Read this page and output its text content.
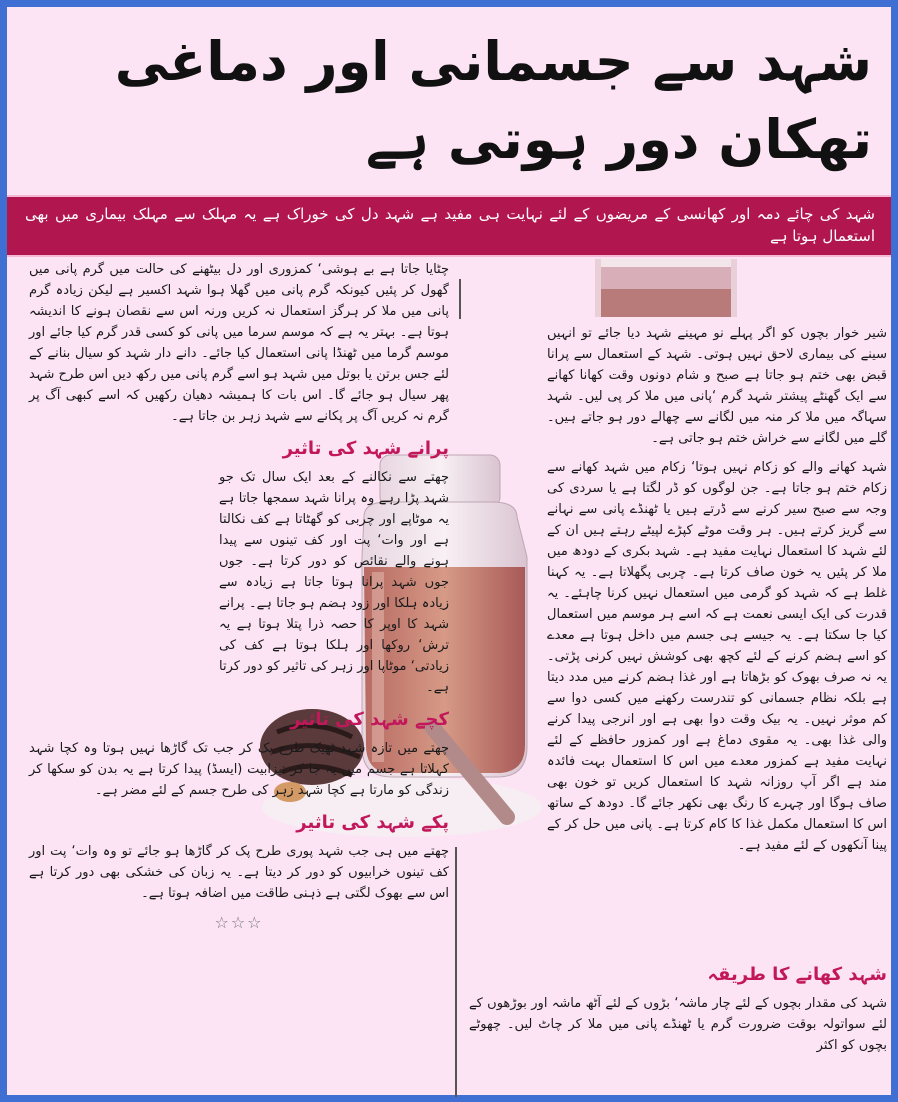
شہد سے جسمانی اور دماغی تھکان دور ہوتی ہے
شہد کی چائے دمہ اور کھانسی کے مریضوں کے لئے نہایت ہی مفید ہے شہد دل کی خوراک ہے یہ مہلک سے مہلک بیماری میں بھی استعمال ہوتا ہے
چٹایا جاتا ہے بے ہوشی‘ کمزوری اور دل بیٹھنے کی حالت میں گرم پانی میں گھول کر پئیںکیونکہ گرم پانی میں گھلا ہوا شہد اکسیر ہے لیکن زیادہ گرم پانی میں ملا کر ہرگز استعمال نہکریں ورنہ اس سے نقصان ہونے کا اندیشہ ہوتا ہے۔ بہتر یہ ہے کہ موسم سرما میں پانی کوکسی قدر گرم کیا جائے اور موسم گرما میں ٹھنڈا پانی استعمال کیا جائے۔ دانے دار شہد کوسیال بنانے کے لئے جس برتن یا بوتل میں شہد ہو اسے گرم پانی میں رکھ دیں اس طرحشہد پھر سیال ہو جائے گا۔ اس بات کا ہمیشہ دھیان رکھیں کہ اسے کبھی آگ پر گرم نہکریں آگ پر پکانے سے شہد زہر بن جاتا ہے۔
پرانے شہد کی تاثیر
چھتے سے نکالنے کے بعد ایک سال تک جو شہد پڑا رہے وہ پرانا شہدسمجھا جاتا ہے یہ موٹاپے اور چربی کو گھٹاتا ہے کف نکالتا ہے اوروات‘ پت اور کف تینوں سے پیدا ہونے والے نقائص کودور کرتا ہے۔ جوں جوں شہد پرانا ہوتا جاتا ہے زیادہسے زیادہ ہلکا اور زود ہضم ہو جاتا ہے۔ پرانے شہد کااوپر کا حصہ ذرا پتلا ہوتا ہے یہ ترش‘ روکھا اور ہلکاہوتا ہے کف کی زیادتی‘ موٹاپا اور زہر کی تاثیر کودور کرتا ہے۔
کچے شہد کی تاثیر
چھتے میں تازہ شہد ٹھیک طرح پک کر جب تکگاڑھا نہیں ہوتا وہ کچا شہد کہلاتا ہے جسم میں یہ جا کرتیزابیت (ایسڈ) پیدا کرتا ہے یہ بدن کو سکھا کر زندگی کو مارتا ہے کچا شہد زہر کی طرح جسمکے لئے مضر ہے۔
پکے شہد کی تاثیر
چھتے میں ہی جب شہد پوری طرح پک کر گاڑھا ہو جائے تو وہ وات‘ پت اور کف تینوںخرابیوں کو دور کر دیتا ہے۔ یہ زبان کی خشکی بھی دور کرتا ہے اس سے بھوک لگتی ہے ذہنیطاقت میں اضافہ ہوتا ہے۔
☆☆☆
شیر خوار بچوں کو اگر پہلے نو مہینے شہد دیا جائے تو انہیں سینے کی بیماری لاحقنہیں ہوتی۔ شہد کے استعمال سے پرانا قبض بھی ختم ہو جاتا ہے صبح و شامدونوں وقت کھانا کھانے سے ایک گھنٹے پیشتر شہد گرم‘پانی میں ملا کر پی لیں۔ شہد سہاگہ میںملا کر منہ میں لگانے سے چھالے دور ہو جاتے ہیں۔گلے میں لگانے سے خراش ختم ہو جاتی ہے۔
شہد کھانے والے کو زکام نہیں ہوتا‘ زکام میں شہد کھانے سے زکام ختم ہو جاتاہے۔ جن لوگوں کو ڈر لگتا ہے یا سردی کی وجہ سے صبح سیر کرنے سے ڈرتےہیں یا ٹھنڈے پانی سے نہانے سے گریز کرتے ہیں۔ ہر وقت موٹےکپڑے لپیٹے رہتے ہیں ان کے لئے شہد کا استعمال نہایت مفید ہے۔ شہدبکری کے دودھ میں ملا کر پئیں یہ خون صاف کرتا ہے۔ چربی پگھلاتاہے۔ یہ کہنا غلط ہے کہ شہد کو گرمی میں استعمال نہیں کرنا چاہئے۔ یہ قدرتکی ایک ایسی نعمت ہے کہ اسے ہر موسم میں استعمال کیا جا سکتا ہے۔ یہ جیسےہی جسم میں داخل ہوتا ہے معدے کو اسے ہضم کرنے کے لئے کچھ بھی کوششنہیں کرنی پڑتی۔ یہ نہ صرف بھوک کو بڑھاتا ہے اور غذا ہضم کرنے میںمدد دیتا ہے بلکہ نظام جسمانی کو تندرست رکھنے میں کسی دوا سے کم موثر نہیں۔یہ بیک وقت دوا بھی ہے اور انرجی پیدا کرنے والی غذا بھی۔ یہ مقوی دماغہے اور کمزور حافظے کے لئے نہایت مفید ہے کمزور معدے میں اس کا استعمال بہتفائدہ مند ہے اگر آپ روزانہ شہد کا استعمال کریں تو خون بھی صاف ہوگا اور چہرے کارنگ بھی نکھر جائے گا۔ دودھ کے ساتھ اس کا استعمال مکمل غذا کا کام کرتا ہے۔ پانی میںحل کر کے پینا آنکھوں کے لئے مفید ہے۔
شہد کھانے کا طریقہ
شہد کی مقدار بچوں کے لئے چار ماشہ‘ بڑوں کے لئے آٹھ ماشہ اور بوڑھوں کے لئےسواتولہ بوقت ضرورت گرم یا ٹھنڈے پانی میں ملا کر چاٹ لیں۔ چھوٹے بچوں کو اکثر
